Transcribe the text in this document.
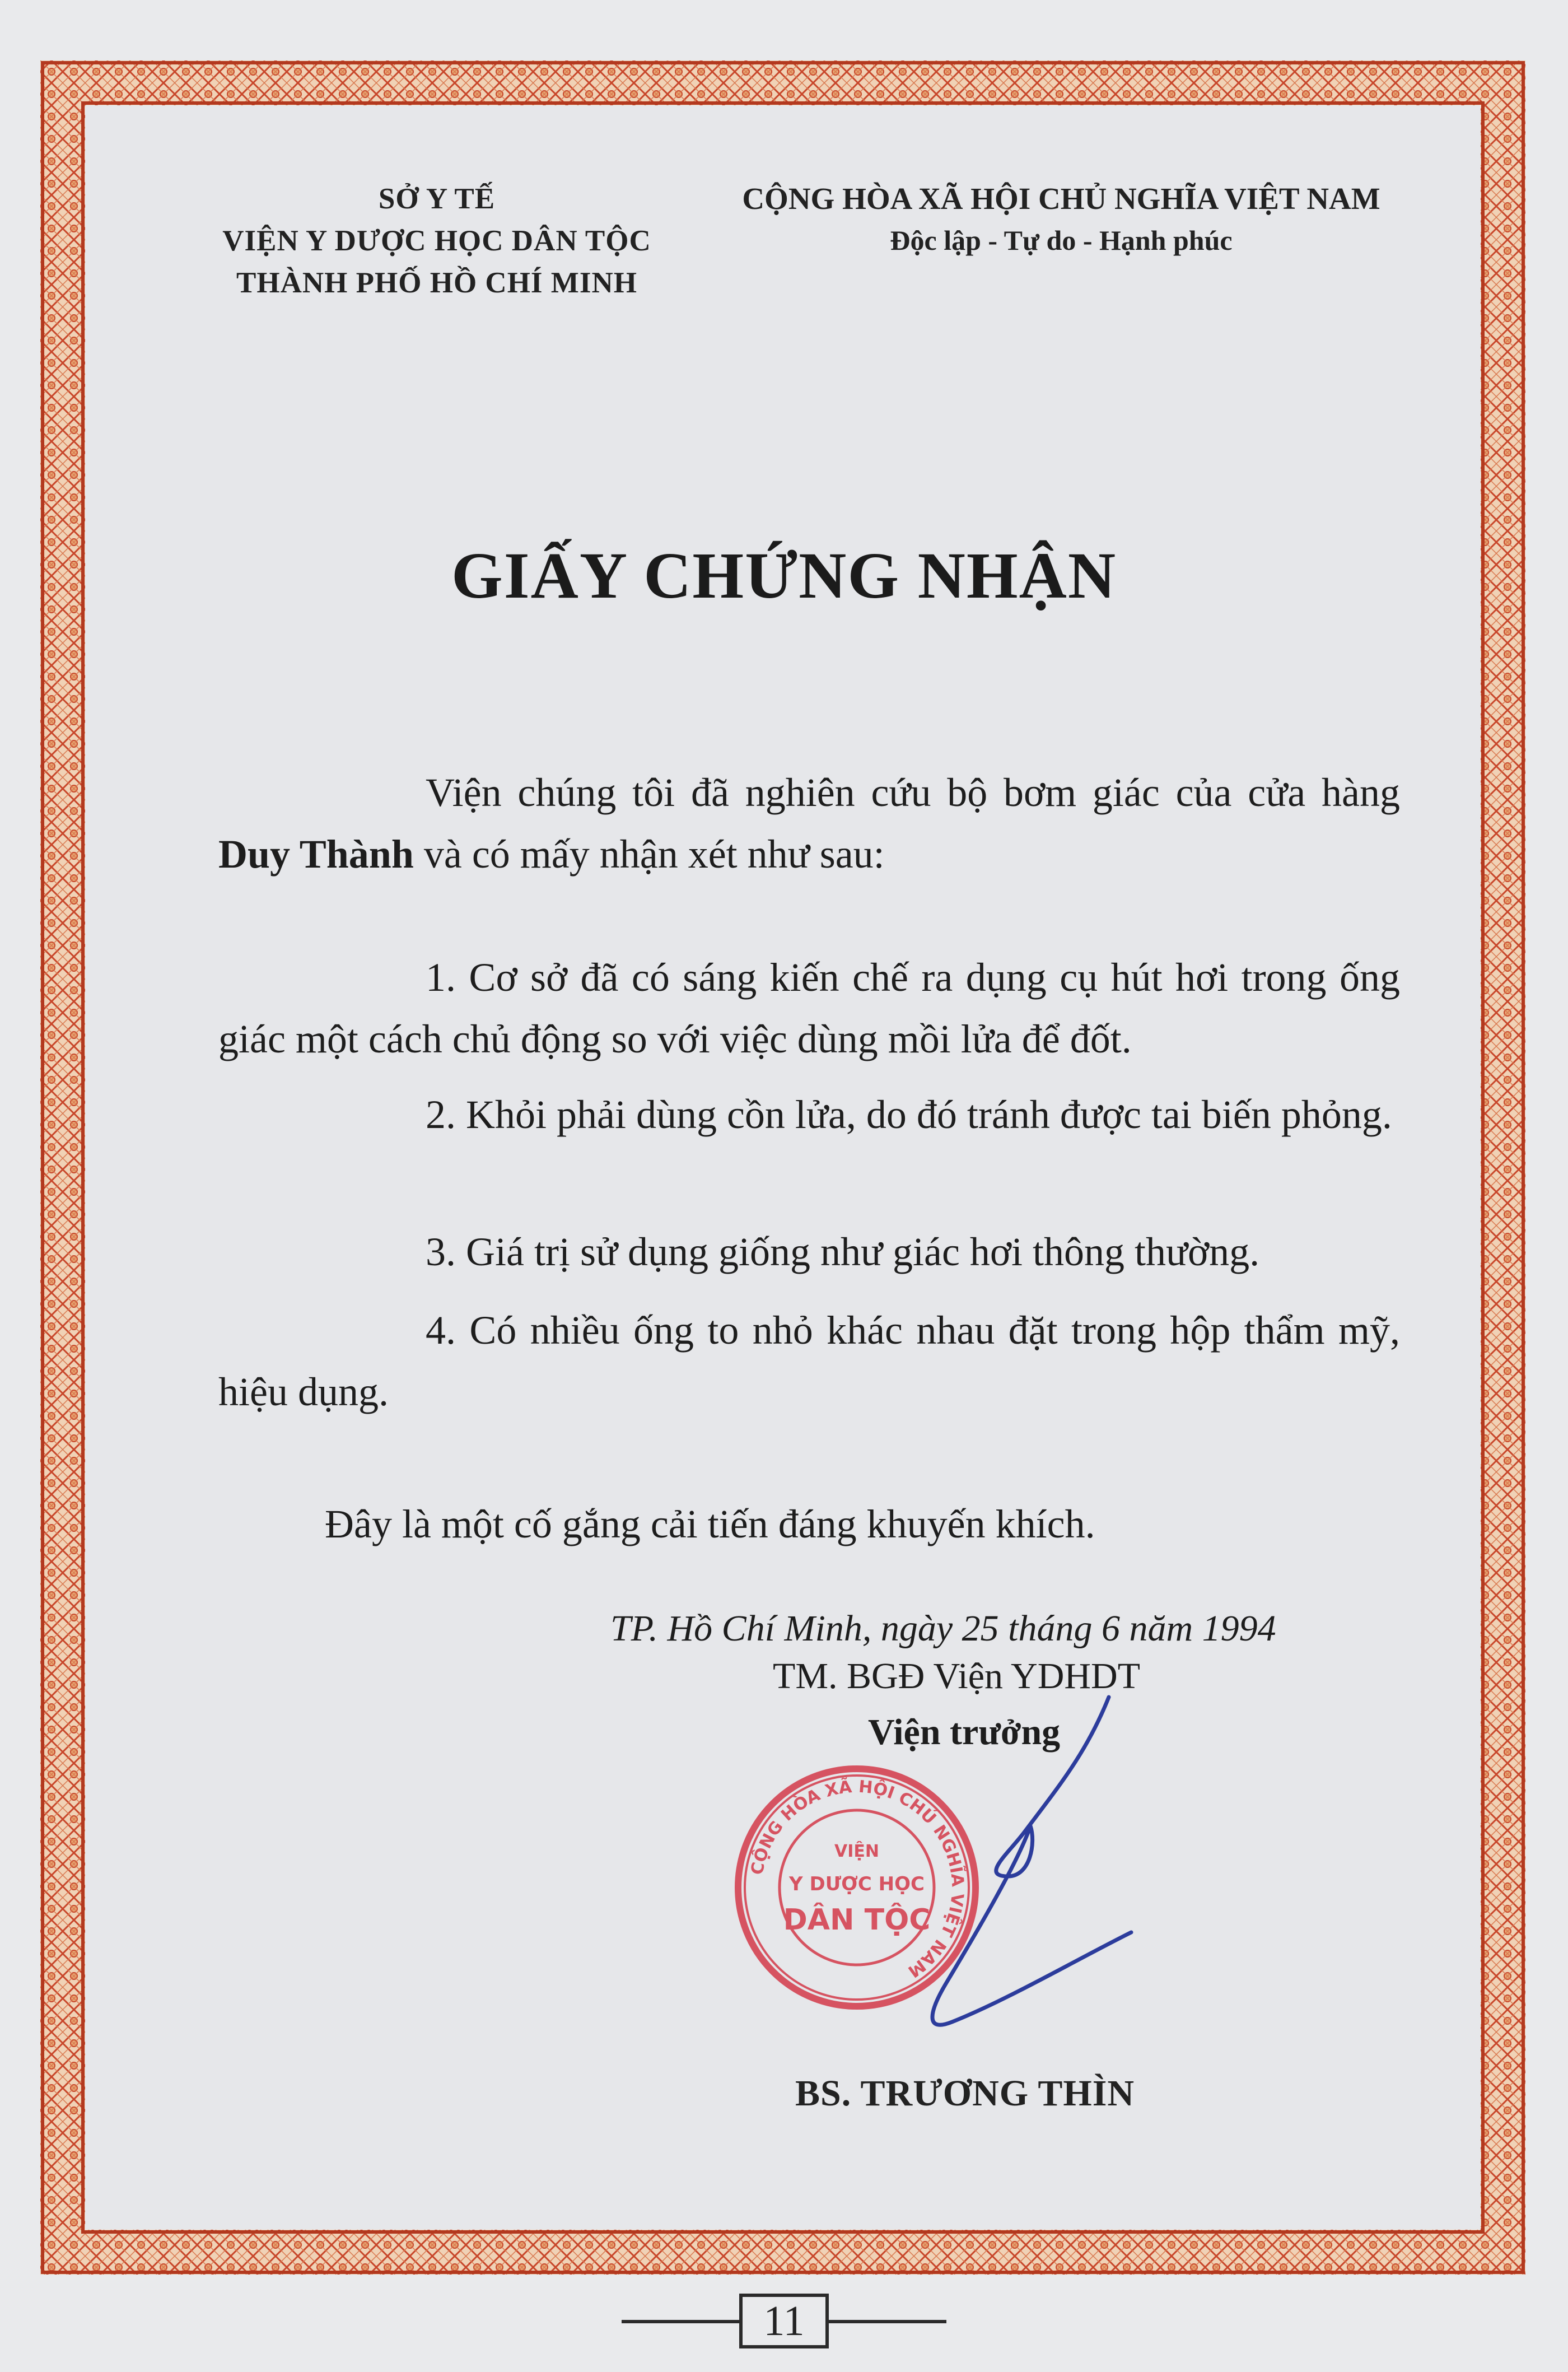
SỞ Y TẾ
VIỆN Y DƯỢC HỌC DÂN TỘC
THÀNH PHỐ HỒ CHÍ MINH
CỘNG HÒA XÃ HỘI CHỦ NGHĨA VIỆT NAM
Độc lập - Tự do - Hạnh phúc
GIẤY CHỨNG NHẬN

Viện chúng tôi đã nghiên cứu bộ bơm giác của cửa hàng Duy Thành và có mấy nhận xét như sau:

1. Cơ sở đã có sáng kiến chế ra dụng cụ hút hơi trong ống giác một cách chủ động so với việc dùng mồi lửa để đốt.

2. Khỏi phải dùng cồn lửa, do đó tránh được tai biến phỏng.

3. Giá trị sử dụng giống như giác hơi thông thường.

4. Có nhiều ống to nhỏ khác nhau đặt trong hộp thẩm mỹ, hiệu dụng.

Đây là một cố gắng cải tiến đáng khuyến khích.
TP. Hồ Chí Minh, ngày 25 tháng 6 năm 1994
TM. BGĐ Viện YDHDT
Viện trưởng
CỘNG HÒA XÃ HỘI CHỦ NGHĨA VIỆT NAM
VIỆN
Y DƯỢC HỌC
DÂN TỘC
BS. TRƯƠNG THÌN
11
